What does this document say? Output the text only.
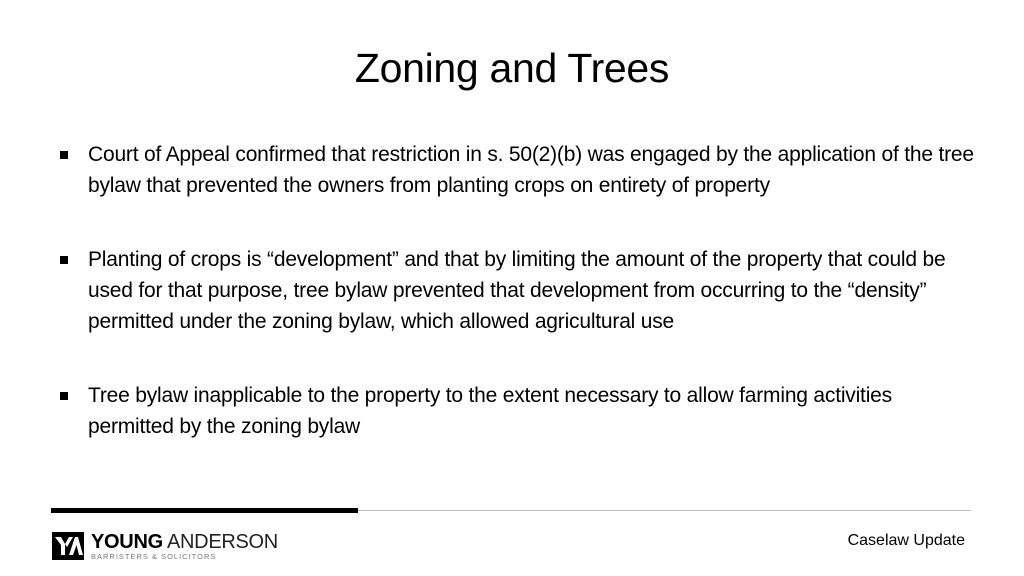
Zoning and Trees
Court of Appeal confirmed that restriction in s. 50(2)(b) was engaged by the application of the tree bylaw that prevented the owners from planting crops on entirety of property
Planting of crops is “development” and that by limiting the amount of the property that could be used for that purpose, tree bylaw prevented that development from occurring to the “density” permitted under the zoning bylaw, which allowed agricultural use
Tree bylaw inapplicable to the property to the extent necessary to allow farming activities permitted by the zoning bylaw
YOUNG ANDERSON
BARRISTERS & SOLICITORS
Caselaw Update
